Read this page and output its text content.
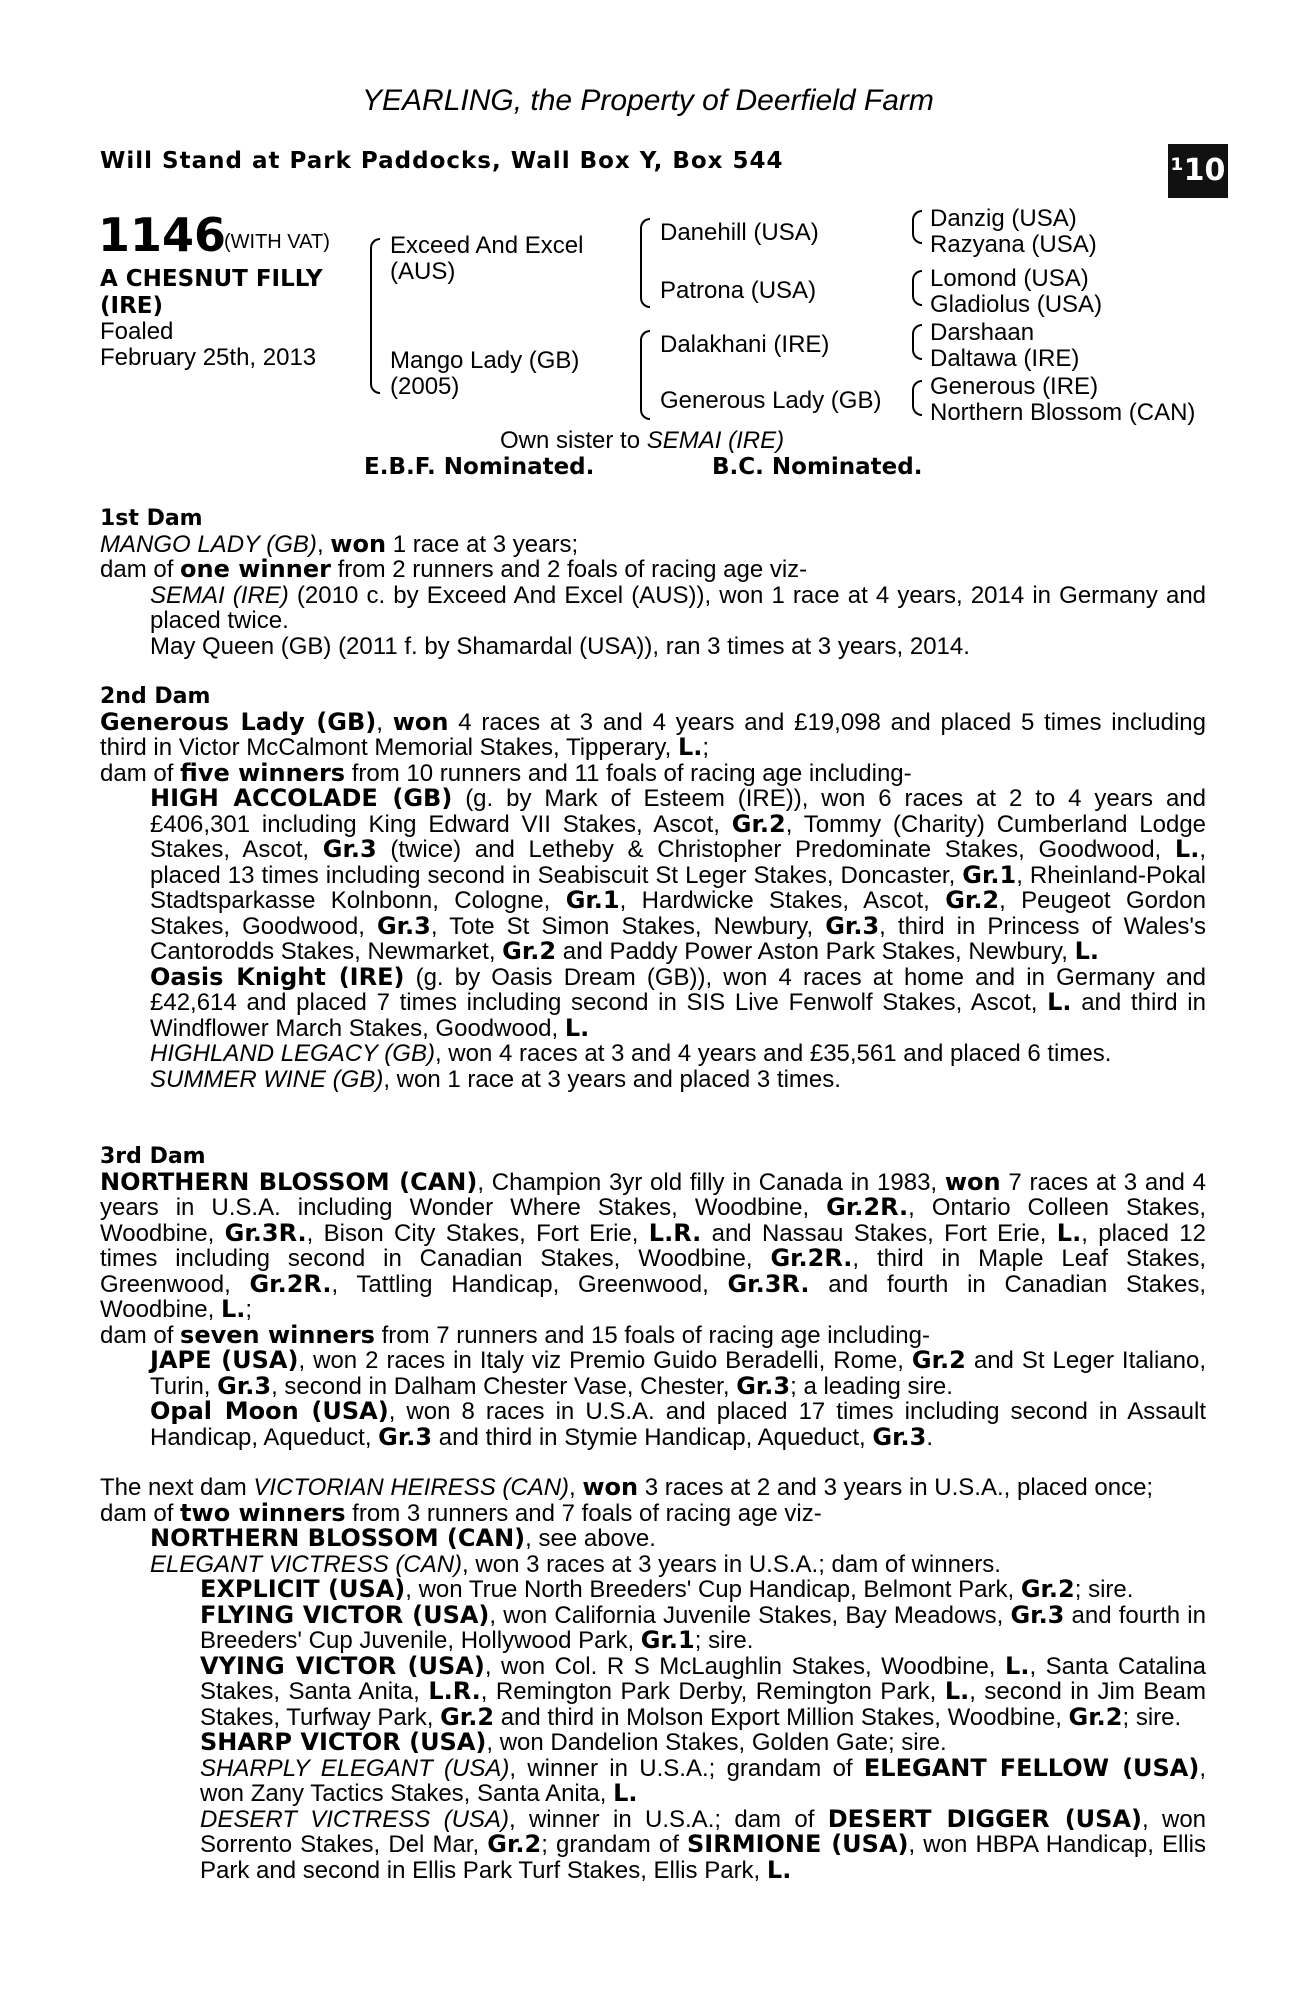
YEARLING, the Property of Deerfield Farm
Will Stand at Park Paddocks, Wall Box Y, Box 544	¹10
1146
(WITH VAT)
A CHESNUT FILLY
(IRE)
Foaled
February 25th, 2013
Exceed And Excel
(AUS)
Mango Lady (GB)
(2005)
Danehill (USA)
Patrona (USA)
Dalakhani (IRE)
Generous Lady (GB)
Danzig (USA)
Razyana (USA)
Lomond (USA)
Gladiolus (USA)
Darshaan
Daltawa (IRE)
Generous (IRE)
Northern Blossom (CAN)
Own sister to SEMAI (IRE)
E.B.F. Nominated.	B.C. Nominated.

1st Dam

MANGO LADY (GB), won 1 race at 3 years;

dam of one winner from 2 runners and 2 foals of racing age viz-

SEMAI (IRE) (2010 c. by Exceed And Excel (AUS)), won 1 race at 4 years, 2014 in Germany and placed twice.

May Queen (GB) (2011 f. by Shamardal (USA)), ran 3 times at 3 years, 2014.

2nd Dam

Generous Lady (GB), won 4 races at 3 and 4 years and £19,098 and placed 5 times including third in Victor McCalmont Memorial Stakes, Tipperary, L.;

dam of five winners from 10 runners and 11 foals of racing age including-

HIGH ACCOLADE (GB) (g. by Mark of Esteem (IRE)), won 6 races at 2 to 4 years and £406,301 including King Edward VII Stakes, Ascot, Gr.2, Tommy (Charity) Cumberland Lodge Stakes, Ascot, Gr.3 (twice) and Letheby & Christopher Predominate Stakes, Goodwood, L., placed 13 times including second in Seabiscuit St Leger Stakes, Doncaster, Gr.1, Rheinland-Pokal Stadtsparkasse Kolnbonn, Cologne, Gr.1, Hardwicke Stakes, Ascot, Gr.2, Peugeot Gordon Stakes, Goodwood, Gr.3, Tote St Simon Stakes, Newbury, Gr.3, third in Princess of Wales's Cantorodds Stakes, Newmarket, Gr.2 and Paddy Power Aston Park Stakes, Newbury, L.

Oasis Knight (IRE) (g. by Oasis Dream (GB)), won 4 races at home and in Germany and £42,614 and placed 7 times including second in SIS Live Fenwolf Stakes, Ascot, L. and third in Windflower March Stakes, Goodwood, L.

HIGHLAND LEGACY (GB), won 4 races at 3 and 4 years and £35,561 and placed 6 times.

SUMMER WINE (GB), won 1 race at 3 years and placed 3 times.

3rd Dam

NORTHERN BLOSSOM (CAN), Champion 3yr old filly in Canada in 1983, won 7 races at 3 and 4 years in U.S.A. including Wonder Where Stakes, Woodbine, Gr.2R., Ontario Colleen Stakes, Woodbine, Gr.3R., Bison City Stakes, Fort Erie, L.R. and Nassau Stakes, Fort Erie, L., placed 12 times including second in Canadian Stakes, Woodbine, Gr.2R., third in Maple Leaf Stakes, Greenwood, Gr.2R., Tattling Handicap, Greenwood, Gr.3R. and fourth in Canadian Stakes, Woodbine, L.;

dam of seven winners from 7 runners and 15 foals of racing age including-

JAPE (USA), won 2 races in Italy viz Premio Guido Beradelli, Rome, Gr.2 and St Leger Italiano, Turin, Gr.3, second in Dalham Chester Vase, Chester, Gr.3; a leading sire.

Opal Moon (USA), won 8 races in U.S.A. and placed 17 times including second in Assault Handicap, Aqueduct, Gr.3 and third in Stymie Handicap, Aqueduct, Gr.3.

The next dam VICTORIAN HEIRESS (CAN), won 3 races at 2 and 3 years in U.S.A., placed once;

dam of two winners from 3 runners and 7 foals of racing age viz-

NORTHERN BLOSSOM (CAN), see above.

ELEGANT VICTRESS (CAN), won 3 races at 3 years in U.S.A.; dam of winners.

EXPLICIT (USA), won True North Breeders' Cup Handicap, Belmont Park, Gr.2; sire.

FLYING VICTOR (USA), won California Juvenile Stakes, Bay Meadows, Gr.3 and fourth in Breeders' Cup Juvenile, Hollywood Park, Gr.1; sire.

VYING VICTOR (USA), won Col. R S McLaughlin Stakes, Woodbine, L., Santa Catalina Stakes, Santa Anita, L.R., Remington Park Derby, Remington Park, L., second in Jim Beam Stakes, Turfway Park, Gr.2 and third in Molson Export Million Stakes, Woodbine, Gr.2; sire.

SHARP VICTOR (USA), won Dandelion Stakes, Golden Gate; sire.

SHARPLY ELEGANT (USA), winner in U.S.A.; grandam of ELEGANT FELLOW (USA), won Zany Tactics Stakes, Santa Anita, L.

DESERT VICTRESS (USA), winner in U.S.A.; dam of DESERT DIGGER (USA), won Sorrento Stakes, Del Mar, Gr.2; grandam of SIRMIONE (USA), won HBPA Handicap, Ellis Park and second in Ellis Park Turf Stakes, Ellis Park, L.
